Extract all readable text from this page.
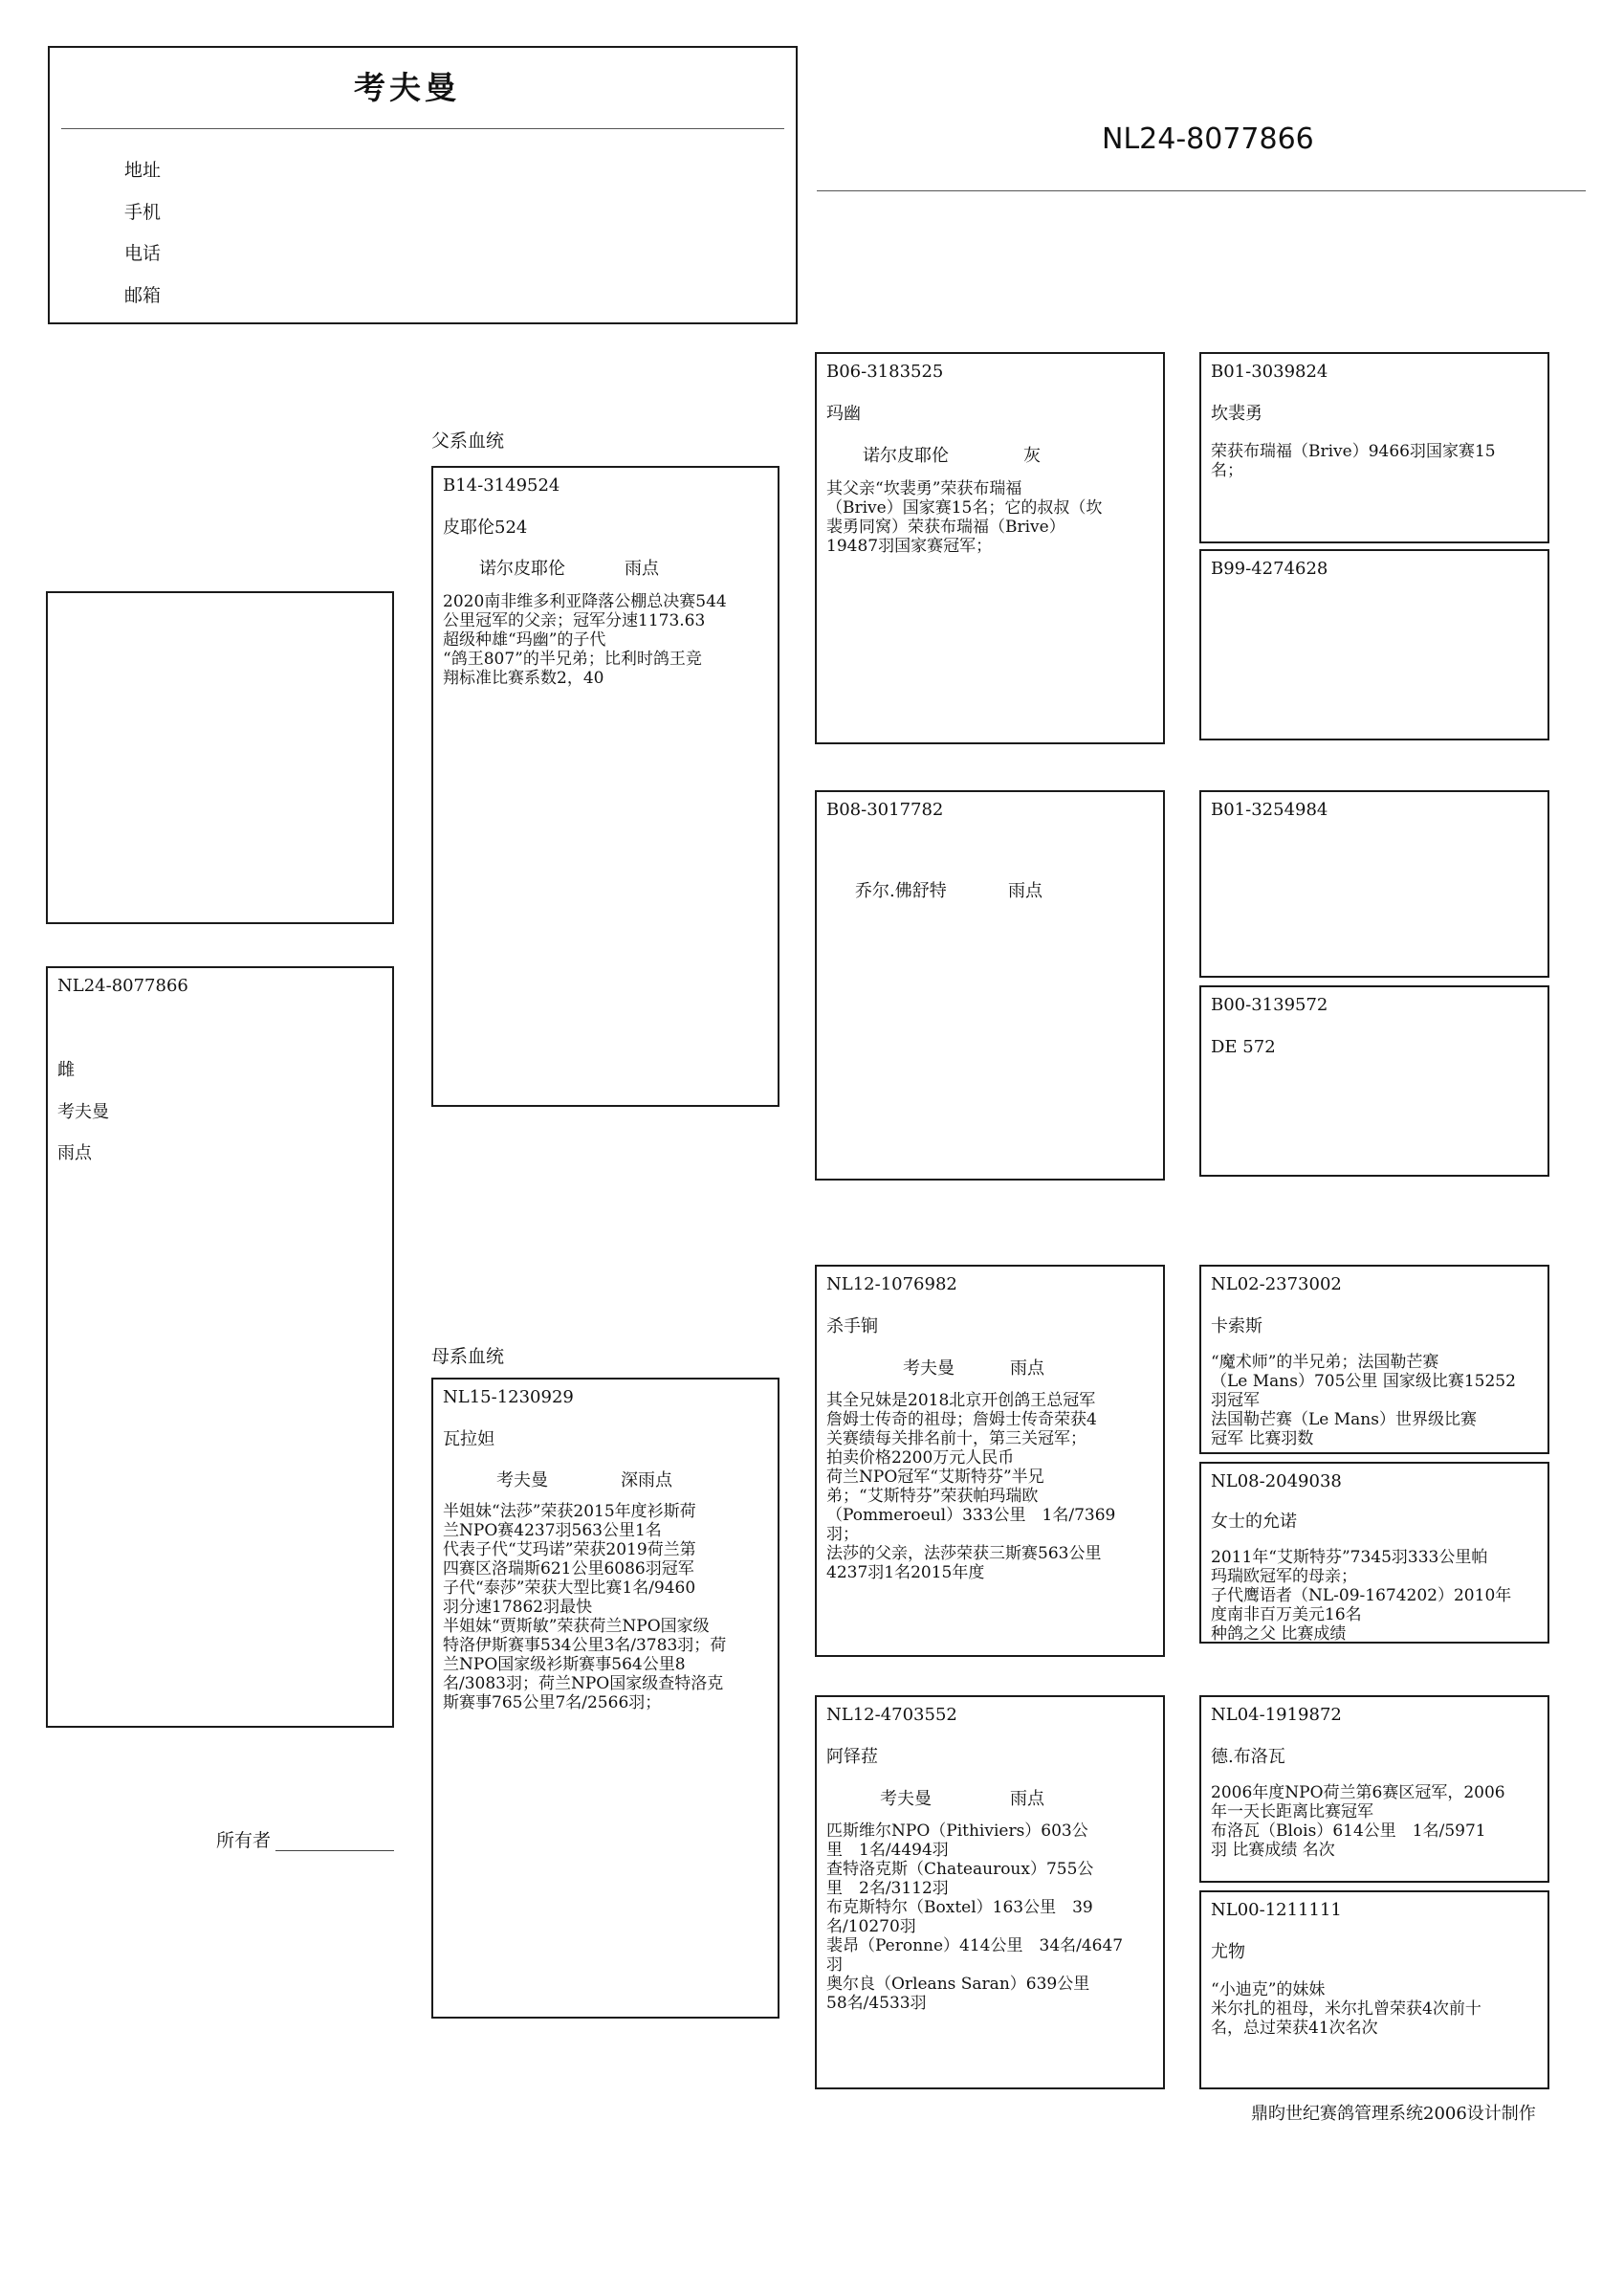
考夫曼
地址
手机
电话
邮箱
NL24-8077866
父系血统
母系血统
NL24-8077866
雌
考夫曼
雨点
所有者
B14-3149524
皮耶伦524
诺尔皮耶伦	雨点
2020南非维多利亚降落公棚总决赛544
公里冠军的父亲；冠军分速1173.63
超级种雄“玛幽”的子代
“鸽王807”的半兄弟；比利时鸽王竞
翔标准比赛系数2，40
NL15-1230929
瓦拉妲
考夫曼	深雨点
半姐妹“法莎”荣获2015年度衫斯荷
兰NPO赛4237羽563公里1名
代表子代“艾玛诺”荣获2019荷兰第
四赛区洛瑞斯621公里6086羽冠军
子代“泰莎”荣获大型比赛1名/9460
羽分速17862羽最快
半姐妹“贾斯敏”荣获荷兰NPO国家级
特洛伊斯赛事534公里3名/3783羽；荷
兰NPO国家级衫斯赛事564公里8
名/3083羽；荷兰NPO国家级查特洛克
斯赛事765公里7名/2566羽；
B06-3183525
玛幽
诺尔皮耶伦	灰
其父亲“坎裴勇”荣获布瑞福
（Brive）国家赛15名；它的叔叔（坎
裴勇同窝）荣获布瑞福（Brive）
19487羽国家赛冠军；
B08-3017782
乔尔.佛舒特	雨点
NL12-1076982
杀手锏
考夫曼	雨点
其全兄妹是2018北京开创鸽王总冠军
詹姆士传奇的祖母；詹姆士传奇荣获4
关赛绩每关排名前十，第三关冠军；
拍卖价格2200万元人民币
荷兰NPO冠军“艾斯特芬”半兄
弟；“艾斯特芬”荣获帕玛瑞欧
（Pommeroeul）333公里　1名/7369
羽；
法莎的父亲，法莎荣获三斯赛563公里
4237羽1名2015年度
NL12-4703552
阿铎菈
考夫曼	雨点
匹斯维尔NPO（Pithiviers）603公
里　1名/4494羽
查特洛克斯（Chateauroux）755公
里　2名/3112羽
布克斯特尔（Boxtel）163公里　39
名/10270羽
裴昂（Peronne）414公里　34名/4647
羽
奥尔良（Orleans Saran）639公里
58名/4533羽
B01-3039824
坎裴勇
荣获布瑞福（Brive）9466羽国家赛15
名；
B99-4274628
B01-3254984
B00-3139572
DE 572
NL02-2373002
卡索斯
“魔术师”的半兄弟；法国勒芒赛
（Le Mans）705公里 国家级比赛15252
羽冠军
法国勒芒赛（Le Mans）世界级比赛
冠军 比赛羽数
NL08-2049038
女士的允诺
2011年“艾斯特芬”7345羽333公里帕
玛瑞欧冠军的母亲；
子代鹰语者（NL-09-1674202）2010年
度南非百万美元16名
种鸽之父 比赛成绩
NL04-1919872
德.布洛瓦
2006年度NPO荷兰第6赛区冠军，2006
年一天长距离比赛冠军
布洛瓦（Blois）614公里　1名/5971
羽 比赛成绩 名次
NL00-1211111
尤物
“小迪克”的妹妹
米尔扎的祖母，米尔扎曾荣获4次前十
名，总过荣获41次名次
鼎昀世纪赛鸽管理系统2006设计制作
